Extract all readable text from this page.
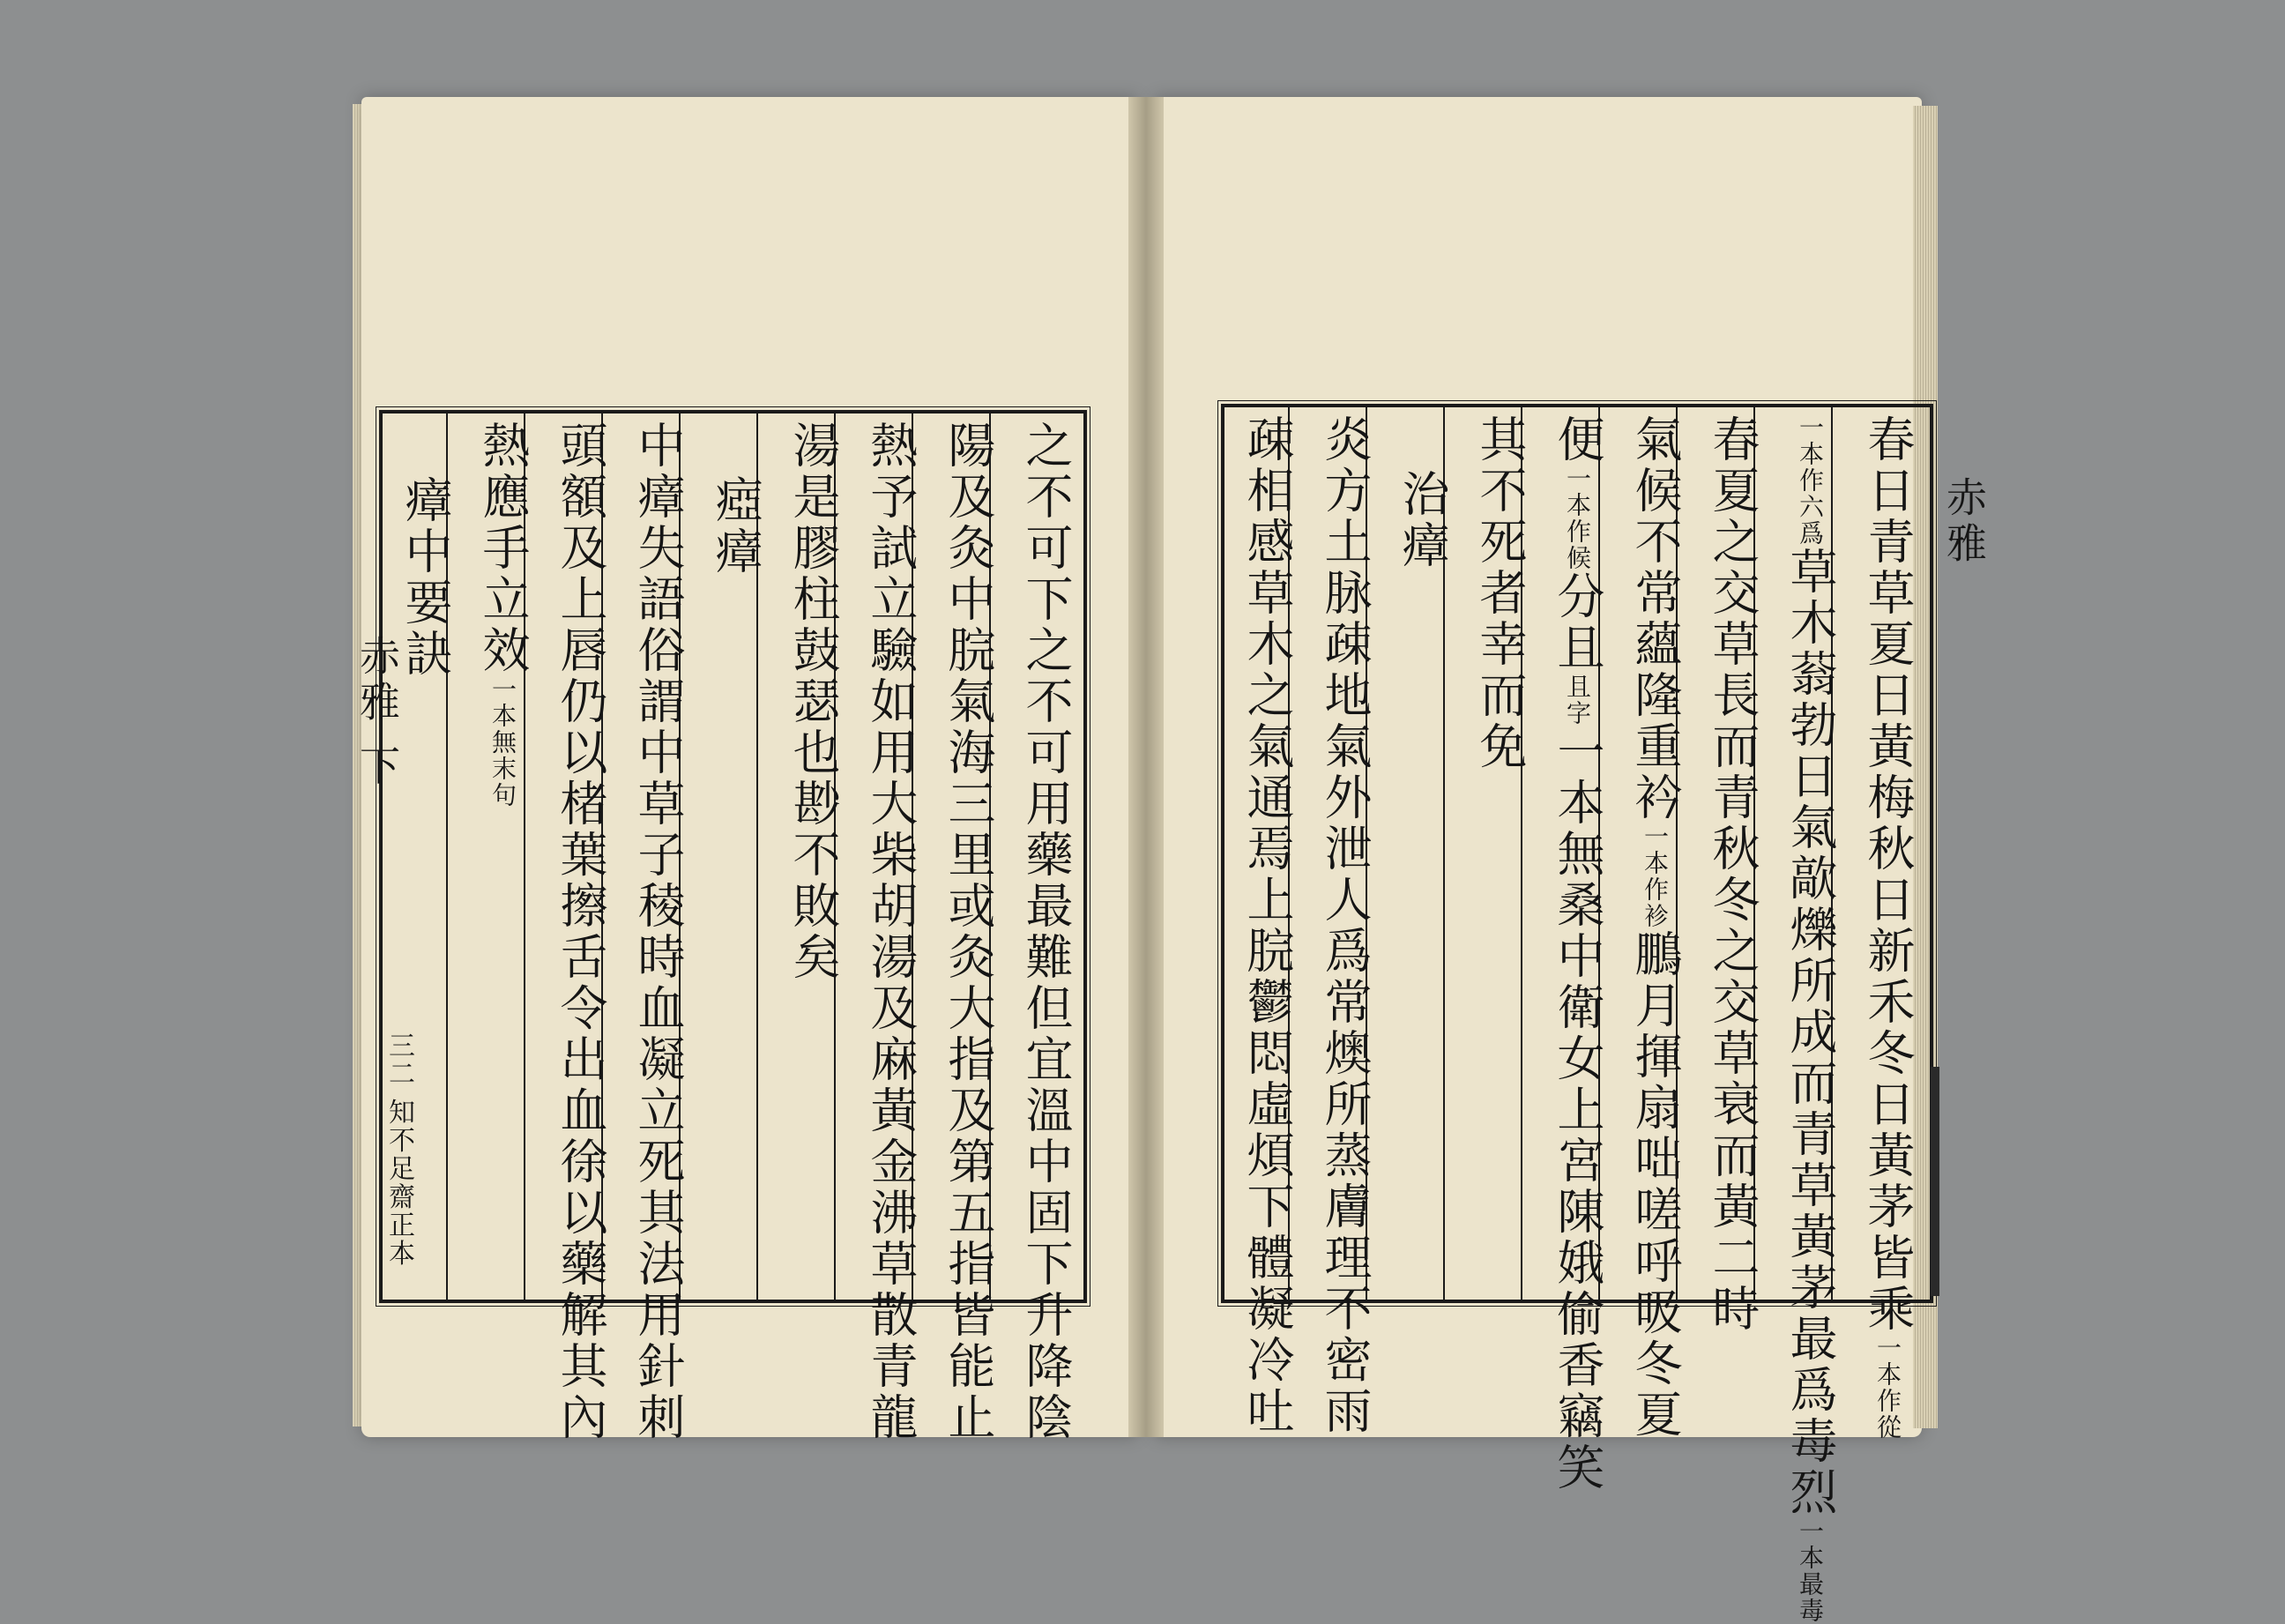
之不可下之不可用藥最難但宜溫中固下升降陰
陽及灸中脘氣海三里或灸大指及第五指皆能止
熱予試立驗如用大柴胡湯及麻黃金沸草散青龍
湯是膠柱鼓瑟也尠不敗矣
瘂瘴
中瘴失語俗謂中草子稜時血凝立死其法用針刺
頭額及上唇仍以楮葉擦舌令出血徐以藥解其內
熱應手立效一本無末句
瘴中要訣
赤雅 下
三二 知不足齋正本	春日青草夏日黃梅秋日新禾冬日黃茅皆乘一本作從
一本作六爲草木蓊勃日氣歊爍所成而青草黃茅最爲毒烈一本最毒
春夏之交草長而青秋冬之交草衰而黃二時
氣候不常蘊隆重衿一本作袗鵬月揮扇咄嗟呼吸冬夏
便一本作候分且且字一本無桑中衛女上宮陳娥偷香竊笑
其不死者幸而免
治瘴
炎方土脉疎地氣外泄人爲常燠所蒸膚理不密雨
疎相感草木之氣通焉上脘鬱悶虛煩下體凝冷吐	赤雅
